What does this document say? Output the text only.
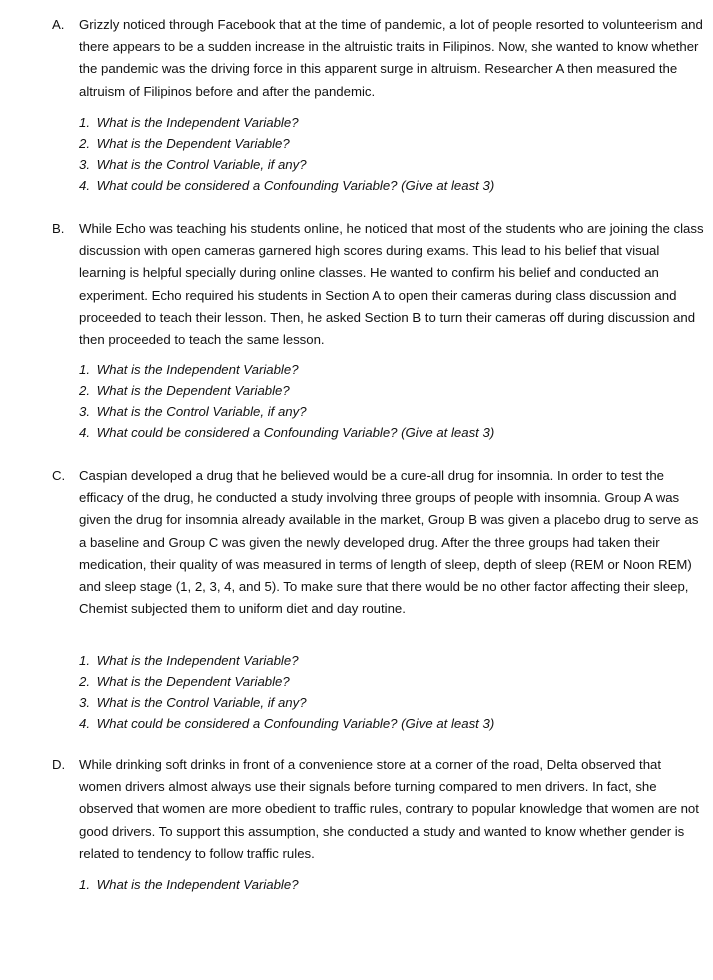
A. Grizzly noticed through Facebook that at the time of pandemic, a lot of people resorted to volunteerism and there appears to be a sudden increase in the altruistic traits in Filipinos. Now, she wanted to know whether the pandemic was the driving force in this apparent surge in altruism. Researcher A then measured the altruism of Filipinos before and after the pandemic.
1. What is the Independent Variable?
2. What is the Dependent Variable?
3. What is the Control Variable, if any?
4. What could be considered a Confounding Variable? (Give at least 3)
B. While Echo was teaching his students online, he noticed that most of the students who are joining the class discussion with open cameras garnered high scores during exams. This lead to his belief that visual learning is helpful specially during online classes. He wanted to confirm his belief and conducted an experiment. Echo required his students in Section A to open their cameras during class discussion and proceeded to teach their lesson. Then, he asked Section B to turn their cameras off during discussion and then proceeded to teach the same lesson.
1. What is the Independent Variable?
2. What is the Dependent Variable?
3. What is the Control Variable, if any?
4. What could be considered a Confounding Variable? (Give at least 3)
C. Caspian developed a drug that he believed would be a cure-all drug for insomnia. In order to test the efficacy of the drug, he conducted a study involving three groups of people with insomnia. Group A was given the drug for insomnia already available in the market, Group B was given a placebo drug to serve as a baseline and Group C was given the newly developed drug. After the three groups had taken their medication, their quality of was measured in terms of length of sleep, depth of sleep (REM or Noon REM) and sleep stage (1, 2, 3, 4, and 5). To make sure that there would be no other factor affecting their sleep, Chemist subjected them to uniform diet and day routine.
1. What is the Independent Variable?
2. What is the Dependent Variable?
3. What is the Control Variable, if any?
4. What could be considered a Confounding Variable? (Give at least 3)
D. While drinking soft drinks in front of a convenience store at a corner of the road, Delta observed that women drivers almost always use their signals before turning compared to men drivers. In fact, she observed that women are more obedient to traffic rules, contrary to popular knowledge that women are not good drivers. To support this assumption, she conducted a study and wanted to know whether gender is related to tendency to follow traffic rules.
1. What is the Independent Variable?
